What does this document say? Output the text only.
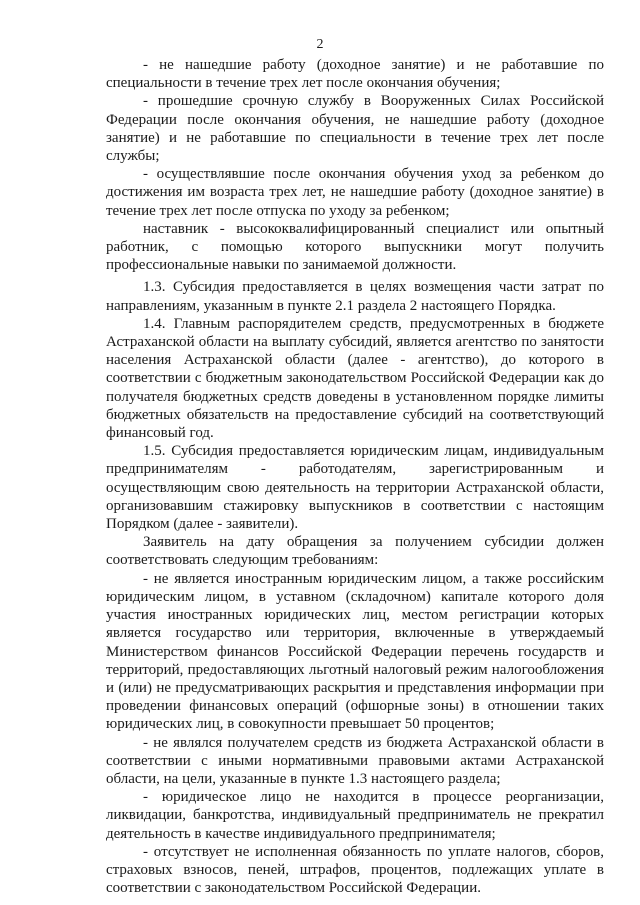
2

- не нашедшие работу (доходное занятие) и не работавшие по специальности в течение трех лет после окончания обучения;

- прошедшие срочную службу в Вооруженных Силах Российской Федерации после окончания обучения, не нашедшие работу (доходное занятие) и не работавшие по специальности в течение трех лет после службы;

- осуществлявшие после окончания обучения уход за ребенком до достижения им возраста трех лет, не нашедшие работу (доходное занятие) в течение трех лет после отпуска по уходу за ребенком;

наставник - высококвалифицированный специалист или опытный работник, с помощью которого выпускники могут получить профессиональные навыки по занимаемой должности.

1.3. Субсидия предоставляется в целях возмещения части затрат по направлениям, указанным в пункте 2.1 раздела 2 настоящего Порядка.

1.4. Главным распорядителем средств, предусмотренных в бюджете Астраханской области на выплату субсидий, является агентство по занятости населения Астраханской области (далее - агентство), до которого в соответствии с бюджетным законодательством Российской Федерации как до получателя бюджетных средств доведены в установленном порядке лимиты бюджетных обязательств на предоставление субсидий на соответствующий финансовый год.

1.5. Субсидия предоставляется юридическим лицам, индивидуальным предпринимателям - работодателям, зарегистрированным и осуществляющим свою деятельность на территории Астраханской области, организовавшим стажировку выпускников в соответствии с настоящим Порядком (далее - заявители).

Заявитель на дату обращения за получением субсидии должен соответствовать следующим требованиям:

- не является иностранным юридическим лицом, а также российским юридическим лицом, в уставном (складочном) капитале которого доля участия иностранных юридических лиц, местом регистрации которых является государство или территория, включенные в утверждаемый Министерством финансов Российской Федерации перечень государств и территорий, предоставляющих льготный налоговый режим налогообложения и (или) не предусматривающих раскрытия и представления информации при проведении финансовых операций (офшорные зоны) в отношении таких юридических лиц, в совокупности превышает 50 процентов;

- не являлся получателем средств из бюджета Астраханской области в соответствии с иными нормативными правовыми актами Астраханской области, на цели, указанные в пункте 1.3 настоящего раздела;

- юридическое лицо не находится в процессе реорганизации, ликвидации, банкротства, индивидуальный предприниматель не прекратил деятельность в качестве индивидуального предпринимателя;

- отсутствует не исполненная обязанность по уплате налогов, сборов, страховых взносов, пеней, штрафов, процентов, подлежащих уплате в соответствии с законодательством Российской Федерации.
